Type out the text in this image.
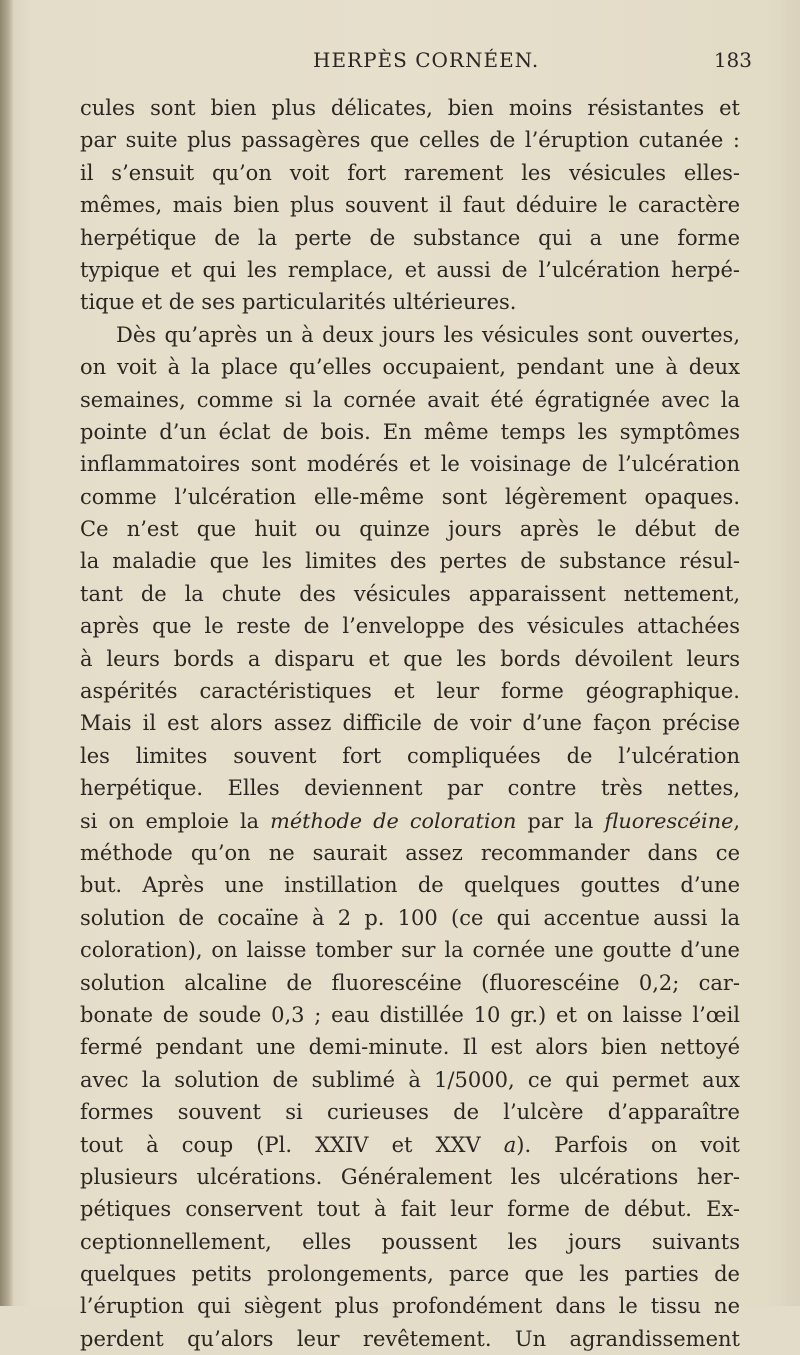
HERPÈS CORNÉEN.	183
cules sont bien plus délicates, bien moins résistantes et
par suite plus passagères que celles de l’éruption cutanée :
il s’ensuit qu’on voit fort rarement les vésicules elles-
mêmes, mais bien plus souvent il faut déduire le caractère
herpétique de la perte de substance qui a une forme
typique et qui les remplace, et aussi de l’ulcération herpé-
tique et de ses particularités ultérieures.
Dès qu’après un à deux jours les vésicules sont ouvertes,
on voit à la place qu’elles occupaient, pendant une à deux
semaines, comme si la cornée avait été égratignée avec la
pointe d’un éclat de bois. En même temps les symptômes
inflammatoires sont modérés et le voisinage de l’ulcération
comme l’ulcération elle-même sont légèrement opaques.
Ce n’est que huit ou quinze jours après le début de
la maladie que les limites des pertes de substance résul-
tant de la chute des vésicules apparaissent nettement,
après que le reste de l’enveloppe des vésicules attachées
à leurs bords a disparu et que les bords dévoilent leurs
aspérités caractéristiques et leur forme géographique.
Mais il est alors assez difficile de voir d’une façon précise
les limites souvent fort compliquées de l’ulcération
herpétique. Elles deviennent par contre très nettes,
si on emploie la méthode de coloration par la fluorescéine,
méthode qu’on ne saurait assez recommander dans ce
but. Après une instillation de quelques gouttes d’une
solution de cocaïne à 2 p. 100 (ce qui accentue aussi la
coloration), on laisse tomber sur la cornée une goutte d’une
solution alcaline de fluorescéine (fluorescéine 0,2; car-
bonate de soude 0,3 ; eau distillée 10 gr.) et on laisse l’œil
fermé pendant une demi-minute. Il est alors bien nettoyé
avec la solution de sublimé à 1/5000, ce qui permet aux
formes souvent si curieuses de l’ulcère d’apparaître
tout à coup (Pl. XXIV et XXV a). Parfois on voit
plusieurs ulcérations. Généralement les ulcérations her-
pétiques conservent tout à fait leur forme de début. Ex-
ceptionnellement, elles poussent les jours suivants
quelques petits prolongements, parce que les parties de
l’éruption qui siègent plus profondément dans le tissu ne
perdent qu’alors leur revêtement. Un agrandissement
